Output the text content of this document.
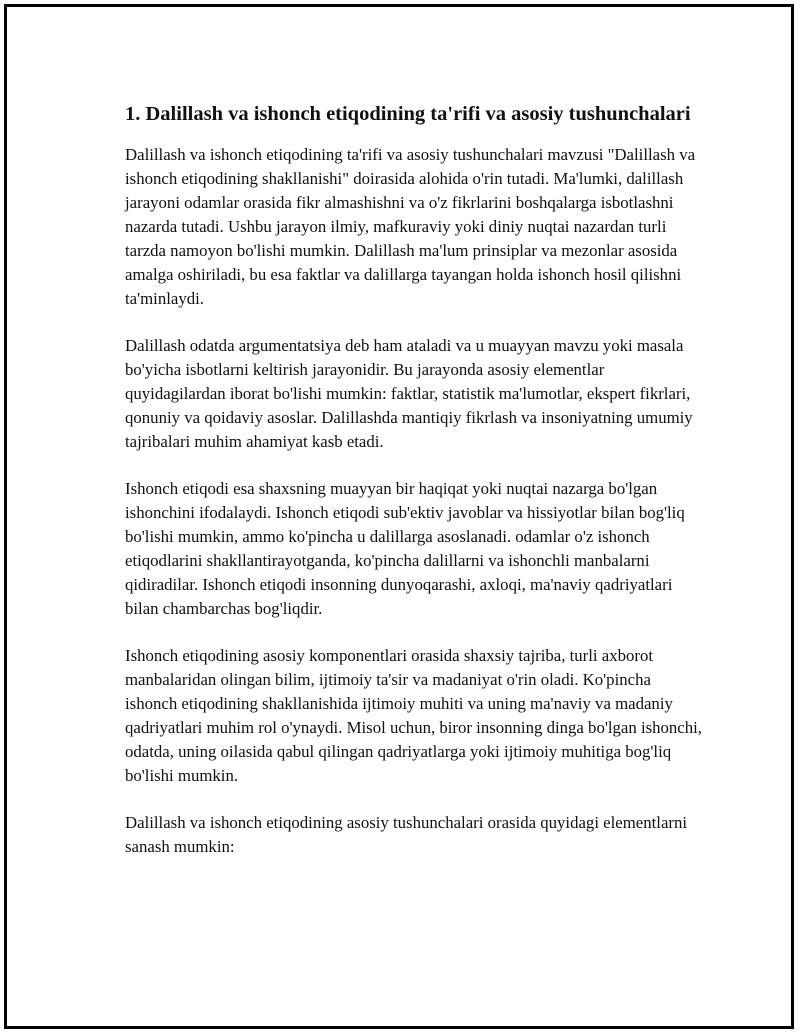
1. Dalillash va ishonch etiqodining ta'rifi va asosiy tushunchalari

Dalillash va ishonch etiqodining ta'rifi va asosiy tushunchalari mavzusi "Dalillash va ishonch etiqodining shakllanishi" doirasida alohida o'rin tutadi. Ma'lumki, dalillash jarayoni odamlar orasida fikr almashishni va o'z fikrlarini boshqalarga isbotlashni nazarda tutadi. Ushbu jarayon ilmiy, mafkuraviy yoki diniy nuqtai nazardan turli tarzda namoyon bo'lishi mumkin. Dalillash ma'lum prinsiplar va mezonlar asosida amalga oshiriladi, bu esa faktlar va dalillarga tayangan holda ishonch hosil qilishni ta'minlaydi.

Dalillash odatda argumentatsiya deb ham ataladi va u muayyan mavzu yoki masala bo'yicha isbotlarni keltirish jarayonidir. Bu jarayonda asosiy elementlar quyidagilardan iborat bo'lishi mumkin: faktlar, statistik ma'lumotlar, ekspert fikrlari, qonuniy va qoidaviy asoslar. Dalillashda mantiqiy fikrlash va insoniyatning umumiy tajribalari muhim ahamiyat kasb etadi.

Ishonch etiqodi esa shaxsning muayyan bir haqiqat yoki nuqtai nazarga bo'lgan ishonchini ifodalaydi. Ishonch etiqodi sub'ektiv javoblar va hissiyotlar bilan bog'liq bo'lishi mumkin, ammo ko'pincha u dalillarga asoslanadi. odamlar o'z ishonch etiqodlarini shakllantirayotganda, ko'pincha dalillarni va ishonchli manbalarni qidiradilar. Ishonch etiqodi insonning dunyoqarashi, axloqi, ma'naviy qadriyatlari bilan chambarchas bog'liqdir.

Ishonch etiqodining asosiy komponentlari orasida shaxsiy tajriba, turli axborot manbalaridan olingan bilim, ijtimoiy ta'sir va madaniyat o'rin oladi. Ko'pincha ishonch etiqodining shakllanishida ijtimoiy muhiti va uning ma'naviy va madaniy qadriyatlari muhim rol o'ynaydi. Misol uchun, biror insonning dinga bo'lgan ishonchi, odatda, uning oilasida qabul qilingan qadriyatlarga yoki ijtimoiy muhitiga bog'liq bo'lishi mumkin.

Dalillash va ishonch etiqodining asosiy tushunchalari orasida quyidagi elementlarni sanash mumkin:
